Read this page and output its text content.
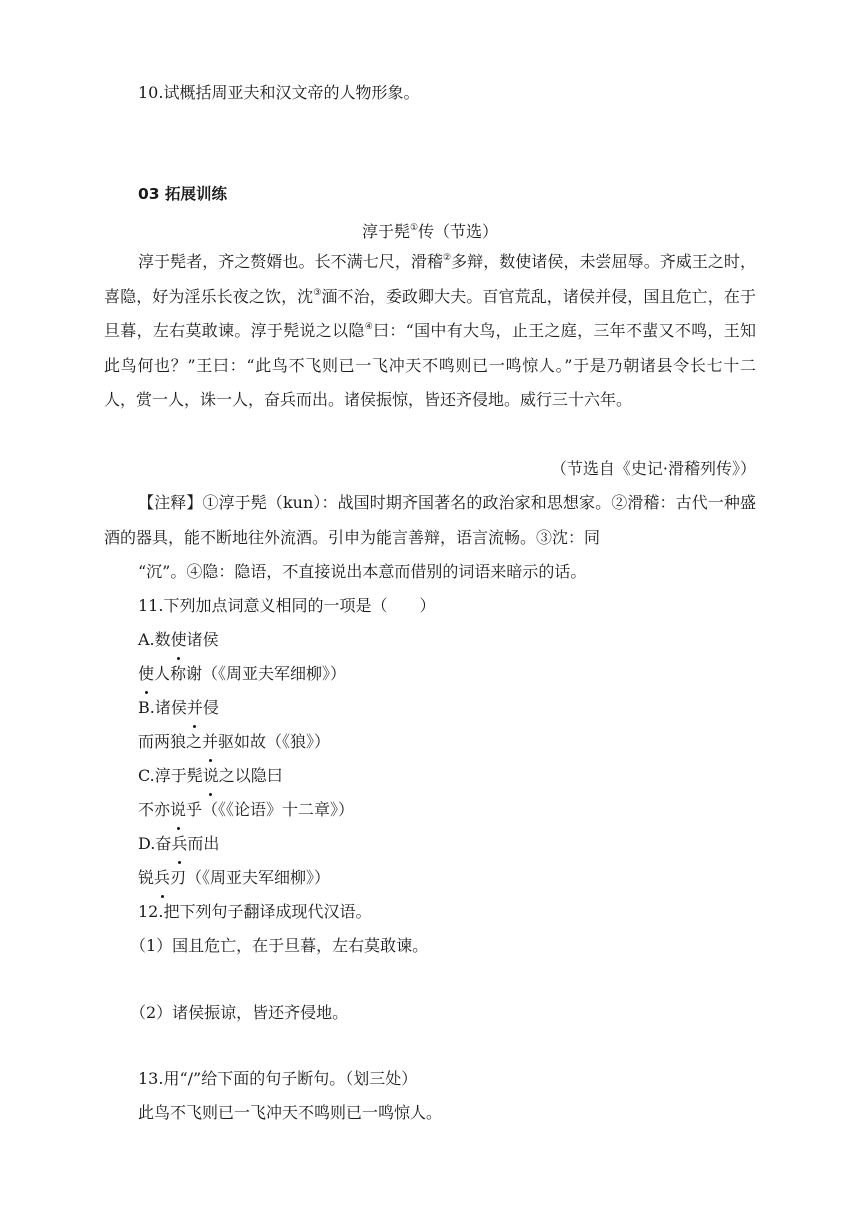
10.试概括周亚夫和汉文帝的人物形象。
03 拓展训练
淳于髡①传（节选）
淳于髡者，齐之赘婿也。长不满七尺，滑稽②多辩，数使诸侯，未尝屈辱。齐威王之时，喜隐，好为淫乐长夜之饮，沈③湎不治，委政卿大夫。百官荒乱，诸侯并侵，国且危亡，在于旦暮，左右莫敢谏。淳于髡说之以隐④曰：“国中有大鸟，止王之庭，三年不蜚又不鸣，王知此鸟何也？”王曰：“此鸟不飞则已一飞冲天不鸣则已一鸣惊人。”于是乃朝诸县令长七十二人，赏一人，诛一人，奋兵而出。诸侯振惊，皆还齐侵地。威行三十六年。
（节选自《史记·滑稽列传》）
【注释】①淳于髡（kun）：战国时期齐国著名的政治家和思想家。②滑稽：古代一种盛酒的器具，能不断地往外流酒。引申为能言善辩，语言流畅。③沈：同
“沉”。④隐：隐语，不直接说出本意而借别的词语来暗示的话。
11.下列加点词意义相同的一项是（　　）
A.数使诸侯
使人称谢（《周亚夫军细柳》）
B.诸侯并侵
而两狼之并驱如故（《狼》）
C.淳于髡说之以隐曰
不亦说乎（《《论语》十二章》）
D.奋兵而出
锐兵刃（《周亚夫军细柳》）
12.把下列句子翻译成现代汉语。
（1）国且危亡，在于旦暮，左右莫敢谏。
（2）诸侯振谅，皆还齐侵地。
13.用“/”给下面的句子断句。（划三处）
此鸟不飞则已一飞冲天不鸣则已一鸣惊人。
